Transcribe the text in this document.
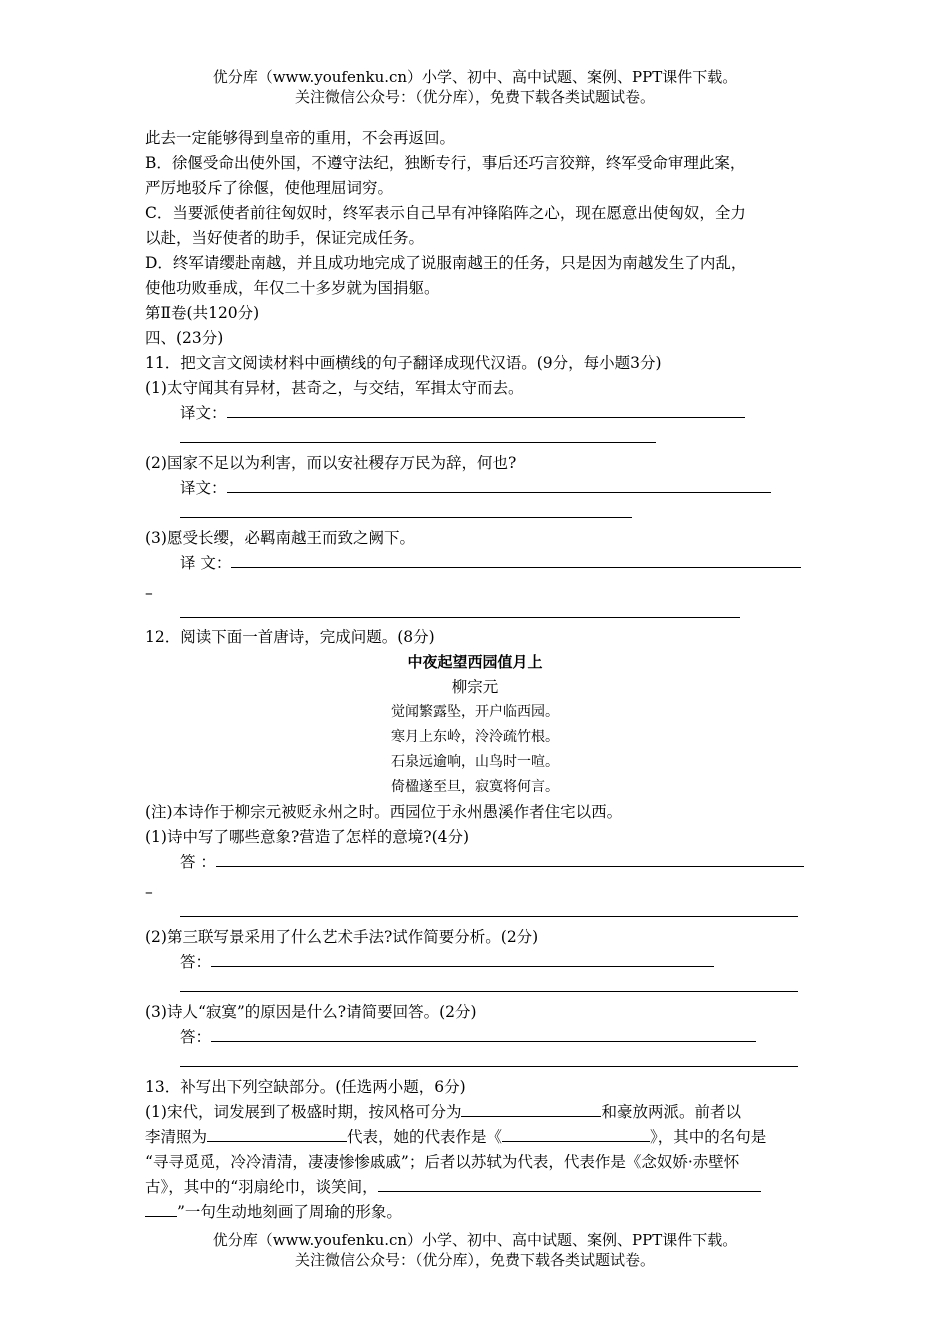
优分库（www.youfenku.cn）小学、初中、高中试题、案例、PPT课件下载。
关注微信公众号：（优分库），免费下载各类试题试卷。
此去一定能够得到皇帝的重用，不会再返回。
B．徐偃受命出使外国，不遵守法纪，独断专行，事后还巧言狡辩，终军受命审理此案，
严厉地驳斥了徐偃，使他理屈词穷。
C．当要派使者前往匈奴时，终军表示自己早有冲锋陷阵之心，现在愿意出使匈奴，全力
以赴，当好使者的助手，保证完成任务。
D．终军请缨赴南越，并且成功地完成了说服南越王的任务，只是因为南越发生了内乱，
使他功败垂成，年仅二十多岁就为国捐躯。
第Ⅱ卷(共120分)
四、(23分)
11．把文言文阅读材料中画横线的句子翻译成现代汉语。(9分，每小题3分)
(1)太守闻其有异材，甚奇之，与交结，军揖太守而去。
译文：
(2)国家不足以为利害，而以安社稷存万民为辞，何也?
译文：
(3)愿受长缨，必羁南越王而致之阙下。
译 文：
–
12．阅读下面一首唐诗，完成问题。(8分)
中夜起望西园值月上
柳宗元
觉闻繁露坠，开户临西园。
寒月上东岭，泠泠疏竹根。
石泉远逾响，山鸟时一喧。
倚楹遂至旦，寂寞将何言。
(注)本诗作于柳宗元被贬永州之时。西园位于永州愚溪作者住宅以西。
(1)诗中写了哪些意象?营造了怎样的意境?(4分)
答 ：
–
(2)第三联写景采用了什么艺术手法?试作简要分析。(2分)
答：
(3)诗人“寂寞”的原因是什么?请简要回答。(2分)
答：
13．补写出下列空缺部分。(任选两小题，6分)
(1)宋代，词发展到了极盛时期，按风格可分为	和豪放两派。前者以
李清照为	代表，她的代表作是《	》，其中的名句是
“寻寻觅觅，冷冷清清，凄凄惨惨戚戚”；后者以苏轼为代表，代表作是《念奴娇·赤壁怀
古》，其中的“羽扇纶巾，谈笑间，
”一句生动地刻画了周瑜的形象。
优分库（www.youfenku.cn）小学、初中、高中试题、案例、PPT课件下载。
关注微信公众号：（优分库），免费下载各类试题试卷。
